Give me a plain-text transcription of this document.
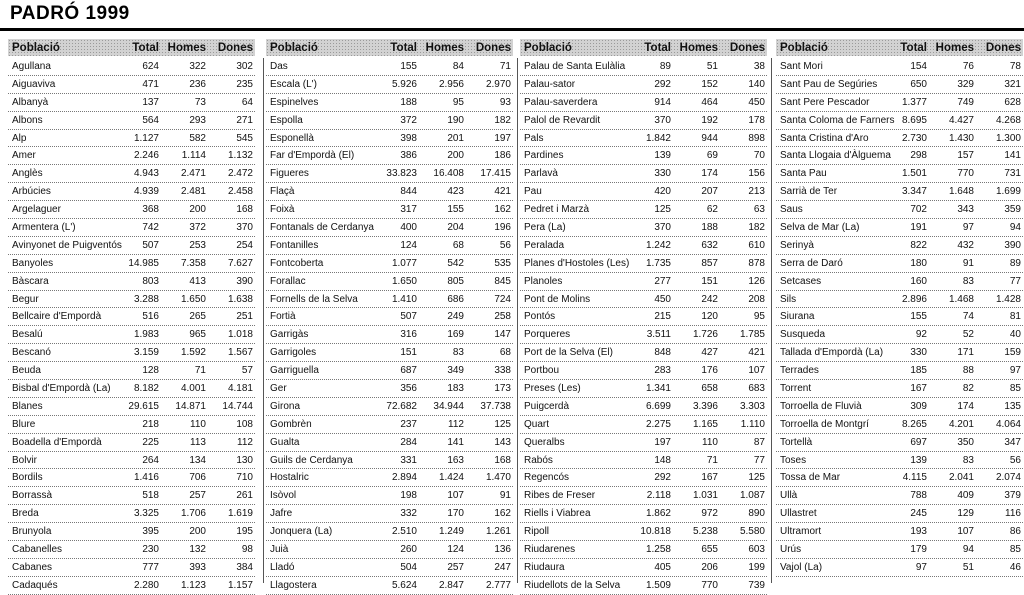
PADRÓ 1999
Població	Total Homes	Dones
Agullana	624	322	302
Aiguaviva	471	236	235
Albanyà	137	73	64
Albons	564	293	271
Alp	1.127	582	545
Amer	2.246	1.114	1.132
Anglès	4.943	2.471	2.472
Arbúcies	4.939	2.481	2.458
Argelaguer	368	200	168
Armentera (L')	742	372	370
Avinyonet de Puigventós	507	253	254
Banyoles	14.985	7.358	7.627
Bàscara	803	413	390
Begur	3.288	1.650	1.638
Bellcaire d'Empordà	516	265	251
Besalú	1.983	965	1.018
Bescanó	3.159	1.592	1.567
Beuda	128	71	57
Bisbal d'Empordà (La)	8.182	4.001	4.181
Blanes	29.615	14.871	14.744
Blure	218	110	108
Boadella d'Empordà	225	113	112
Bolvir	264	134	130
Bordils	1.416	706	710
Borrassà	518	257	261
Breda	3.325	1.706	1.619
Brunyola	395	200	195
Cabanelles	230	132	98
Cabanes	777	393	384
Cadaqués	2.280	1.123	1.157
Població	Total Homes	Dones
Das	155	84	71
Escala (L')	5.926	2.956	2.970
Espinelves	188	95	93
Espolla	372	190	182
Esponellà	398	201	197
Far d'Empordà (El)	386	200	186
Figueres	33.823	16.408	17.415
Flaçà	844	423	421
Foixà	317	155	162
Fontanals de Cerdanya	400	204	196
Fontanilles	124	68	56
Fontcoberta	1.077	542	535
Forallac	1.650	805	845
Fornells de la Selva	1.410	686	724
Fortià	507	249	258
Garrigàs	316	169	147
Garrigoles	151	83	68
Garriguella	687	349	338
Ger	356	183	173
Girona	72.682	34.944	37.738
Gombrèn	237	112	125
Gualta	284	141	143
Guils de Cerdanya	331	163	168
Hostalric	2.894	1.424	1.470
Isòvol	198	107	91
Jafre	332	170	162
Jonquera (La)	2.510	1.249	1.261
Juià	260	124	136
Lladó	504	257	247
Llagostera	5.624	2.847	2.777
Població	Total Homes	Dones
Palau de Santa Eulàlia	89	51	38
Palau-sator	292	152	140
Palau-saverdera	914	464	450
Palol de Revardit	370	192	178
Pals	1.842	944	898
Pardines	139	69	70
Parlavà	330	174	156
Pau	420	207	213
Pedret i Marzà	125	62	63
Pera (La)	370	188	182
Peralada	1.242	632	610
Planes d'Hostoles (Les)	1.735	857	878
Planoles	277	151	126
Pont de Molins	450	242	208
Pontós	215	120	95
Porqueres	3.511	1.726	1.785
Port de la Selva (El)	848	427	421
Portbou	283	176	107
Preses (Les)	1.341	658	683
Puigcerdà	6.699	3.396	3.303
Quart	2.275	1.165	1.110
Queralbs	197	110	87
Rabós	148	71	77
Regencós	292	167	125
Ribes de Freser	2.118	1.031	1.087
Riells i Viabrea	1.862	972	890
Ripoll	10.818	5.238	5.580
Riudarenes	1.258	655	603
Riudaura	405	206	199
Riudellots de la Selva	1.509	770	739
Població	Total Homes	Dones
Sant Mori	154	76	78
Sant Pau de Segúries	650	329	321
Sant Pere Pescador	1.377	749	628
Santa Coloma de Farners 8.695	4.427	4.268
Santa Cristina d'Aro	2.730	1.430	1.300
Santa Llogaia d'Àlguema	298	157	141
Santa Pau	1.501	770	731
Sarrià de Ter	3.347	1.648	1.699
Saus	702	343	359
Selva de Mar (La)	191	97	94
Serinyà	822	432	390
Serra de Daró	180	91	89
Setcases	160	83	77
Sils	2.896	1.468	1.428
Siurana	155	74	81
Susqueda	92	52	40
Tallada d'Empordà (La)	330	171	159
Terrades	185	88	97
Torrent	167	82	85
Torroella de Fluvià	309	174	135
Torroella de Montgrí	8.265	4.201	4.064
Tortellà	697	350	347
Toses	139	83	56
Tossa de Mar	4.115	2.041	2.074
Ullà	788	409	379
Ullastret	245	129	116
Ultramort	193	107	86
Urús	179	94	85
Vajol (La)	97	51	46
